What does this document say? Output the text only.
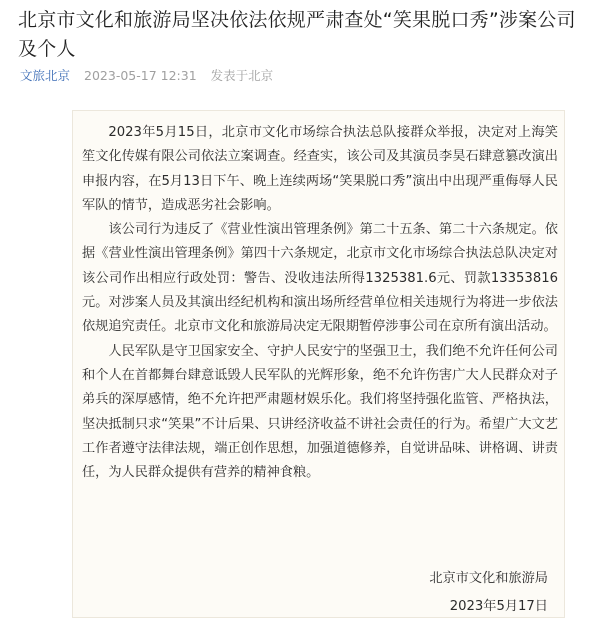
北京市文化和旅游局坚决依法依规严肃查处“笑果脱口秀”涉案公司及个人
文旅北京 2023-05-17 12:31 发表于北京

2023年5月15日，北京市文化市场综合执法总队接群众举报，决定对上海笑笙文化传媒有限公司依法立案调查。经查实，该公司及其演员李昊石肆意篡改演出申报内容，在5月13日下午、晚上连续两场“笑果脱口秀”演出中出现严重侮辱人民军队的情节，造成恶劣社会影响。

该公司行为违反了《营业性演出管理条例》第二十五条、第二十六条规定。依据《营业性演出管理条例》第四十六条规定，北京市文化市场综合执法总队决定对该公司作出相应行政处罚：警告、没收违法所得1325381.6元、罚款13353816元。对涉案人员及其演出经纪机构和演出场所经营单位相关违规行为将进一步依法依规追究责任。北京市文化和旅游局决定无限期暂停涉事公司在京所有演出活动。

人民军队是守卫国家安全、守护人民安宁的坚强卫士，我们绝不允许任何公司和个人在首都舞台肆意诋毁人民军队的光辉形象，绝不允许伤害广大人民群众对子弟兵的深厚感情，绝不允许把严肃题材娱乐化。我们将坚持强化监管、严格执法，坚决抵制只求“笑果”不计后果、只讲经济收益不讲社会责任的行为。希望广大文艺工作者遵守法律法规，端正创作思想，加强道德修养，自觉讲品味、讲格调、讲责任，为人民群众提供有营养的精神食粮。

北京市文化和旅游局
2023年5月17日
